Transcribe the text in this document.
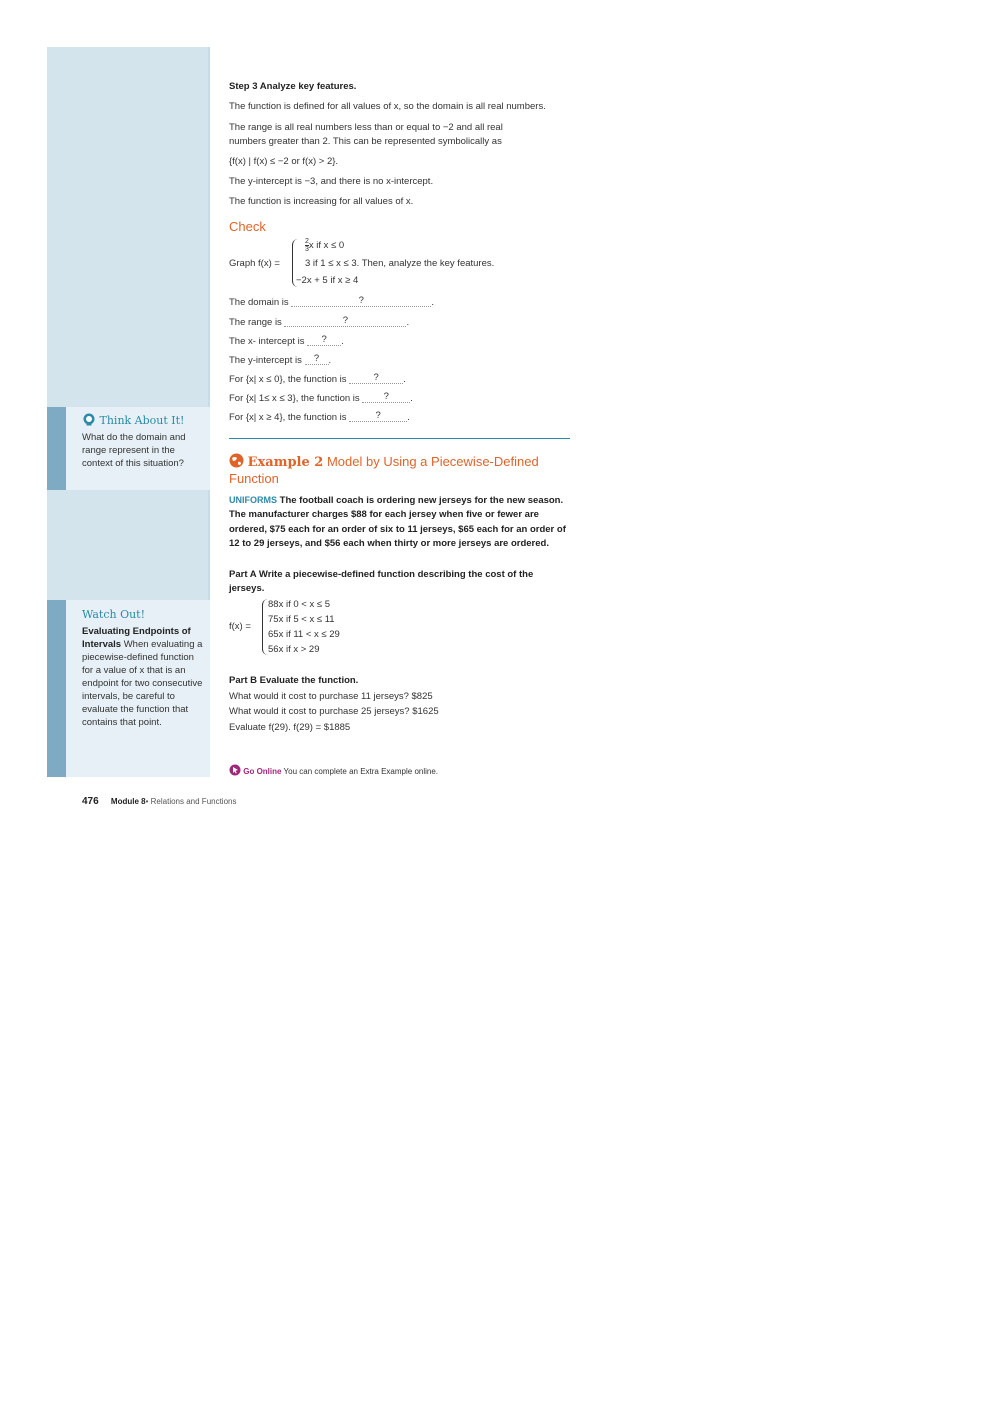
Think About It!
What do the domain and range represent in the context of this situation?
Watch Out!
Evaluating Endpoints of Intervals When evaluating a piecewise-defined function for a value of x that is an endpoint for two consecutive intervals, be careful to evaluate the function that contains that point.
Step 3 Analyze key features.
The function is defined for all values of x, so the domain is all real numbers.
The range is all real numbers less than or equal to −2 and all real
numbers greater than 2. This can be represented symbolically as
{f(x) | f(x) ≤ −2 or f(x) > 2}.
The y-intercept is −3, and there is no x-intercept.
The function is increasing for all values of x.
Check
Graph f(x) =
$\frac{2}{3}$ x if x ≤ 0
3 if 1 ≤ x ≤ 3. Then, analyze the key features.
−2x + 5 if x ≥ 4
The domain is	?	.
The range is	?	.
The x- intercept is ? .
The y-intercept is ? .
For {x| x ≤ 0}, the function is	?	.
For {x| 1≤ x ≤ 3}, the function is	? .
For {x| x ≥ 4}, the function is	?	.
Example 2 Model by Using a Piecewise-Defined Function
UNIFORMS The football coach is ordering new jerseys for the new season. The manufacturer charges $88 for each jersey when five or fewer are ordered, $75 each for an order of six to 11 jerseys, $65 each for an order of 12 to 29 jerseys, and $56 each when thirty or more jerseys are ordered.
Part A Write a piecewise-defined function describing the cost of the jerseys.
f(x) =
88x if 0 < x ≤ 5
75x if 5 < x ≤ 11
65x if 11 < x ≤ 29
56x if x > 29
Part B Evaluate the function.
What would it cost to purchase 11 jerseys? $825
What would it cost to purchase 25 jerseys? $1625
Evaluate f(29). f(29) = $1885
Go Online You can complete an Extra Example online.
476 Module 8• Relations and Functions
